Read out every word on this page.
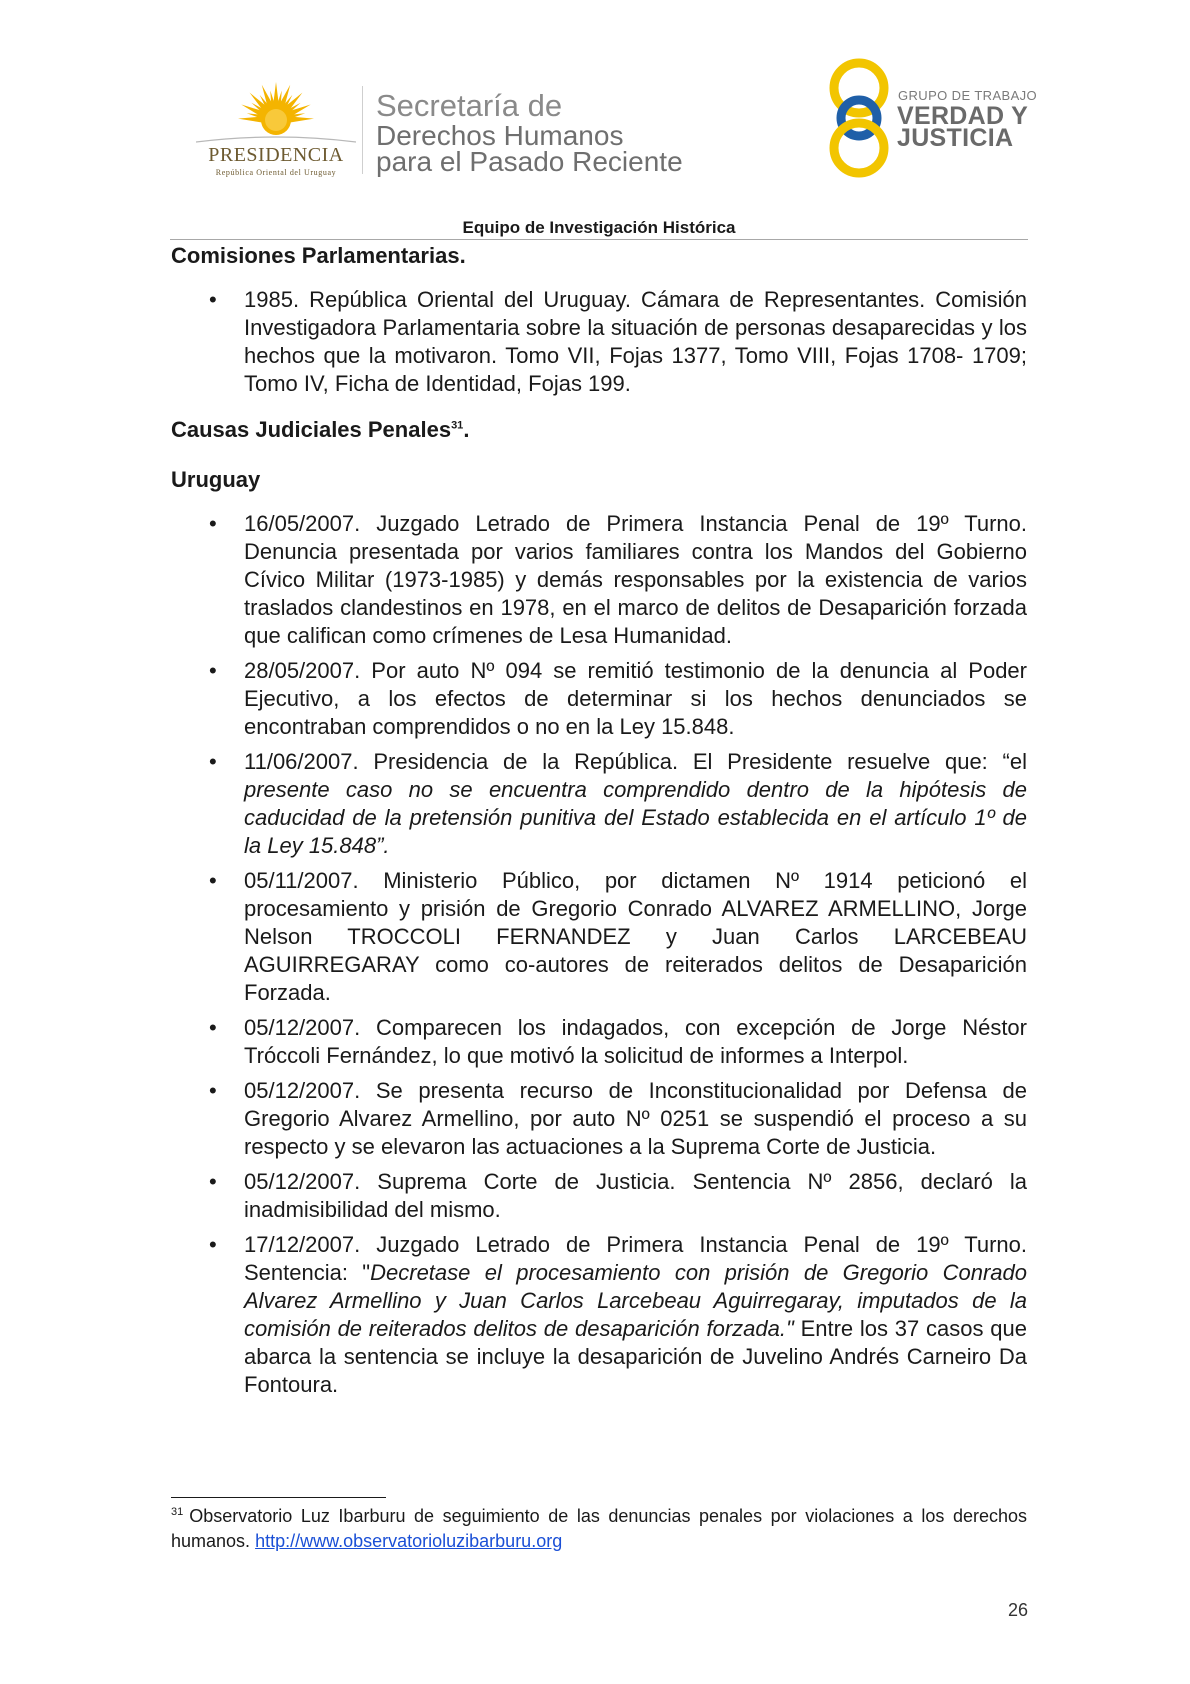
PRESIDENCIA
República Oriental del Uruguay
Secretaría de
Derechos Humanos
para el Pasado Reciente
GRUPO DE TRABAJO
VERDAD Y
JUSTICIA
Equipo de Investigación Histórica

Comisiones Parlamentarias.

• 1985. República Oriental del Uruguay. Cámara de Representantes. Comisión Investigadora Parlamentaria sobre la situación de personas desaparecidas y los hechos que la motivaron. Tomo VII, Fojas 1377, Tomo VIII, Fojas 1708- 1709; Tomo IV, Ficha de Identidad, Fojas 199.

Causas Judiciales Penales$^{31}$.

Uruguay

• 16/05/2007. Juzgado Letrado de Primera Instancia Penal de 19º Turno. Denuncia presentada por varios familiares contra los Mandos del Gobierno Cívico Militar (1973-1985) y demás responsables por la existencia de varios traslados clandestinos en 1978, en el marco de delitos de Desaparición forzada que califican como crímenes de Lesa Humanidad.
• 28/05/2007. Por auto Nº 094 se remitió testimonio de la denuncia al Poder Ejecutivo, a los efectos de determinar si los hechos denunciados se encontraban comprendidos o no en la Ley 15.848.
• 11/06/2007. Presidencia de la República. El Presidente resuelve que: “el presente caso no se encuentra comprendido dentro de la hipótesis de caducidad de la pretensión punitiva del Estado establecida en el artículo 1º de la Ley 15.848”.
• 05/11/2007. Ministerio Público, por dictamen Nº 1914 peticionó el procesamiento y prisión de Gregorio Conrado ALVAREZ ARMELLINO, Jorge Nelson TROCCOLI FERNANDEZ y Juan Carlos LARCEBEAU AGUIRREGARAY como co-autores de reiterados delitos de Desaparición Forzada.
• 05/12/2007. Comparecen los indagados, con excepción de Jorge Néstor Tróccoli Fernández, lo que motivó la solicitud de informes a Interpol.
• 05/12/2007. Se presenta recurso de Inconstitucionalidad por Defensa de Gregorio Alvarez Armellino, por auto Nº 0251 se suspendió el proceso a su respecto y se elevaron las actuaciones a la Suprema Corte de Justicia.
• 05/12/2007. Suprema Corte de Justicia. Sentencia Nº 2856, declaró la inadmisibilidad del mismo.
• 17/12/2007. Juzgado Letrado de Primera Instancia Penal de 19º Turno. Sentencia: "Decretase el procesamiento con prisión de Gregorio Conrado Alvarez Armellino y Juan Carlos Larcebeau Aguirregaray, imputados de la comisión de reiterados delitos de desaparición forzada." Entre los 37 casos que abarca la sentencia se incluye la desaparición de Juvelino Andrés Carneiro Da Fontoura.
$^{31}$ Observatorio Luz Ibarburu de seguimiento de las denuncias penales por violaciones a los derechos humanos. http://www.observatorioluzibarburu.org
26
